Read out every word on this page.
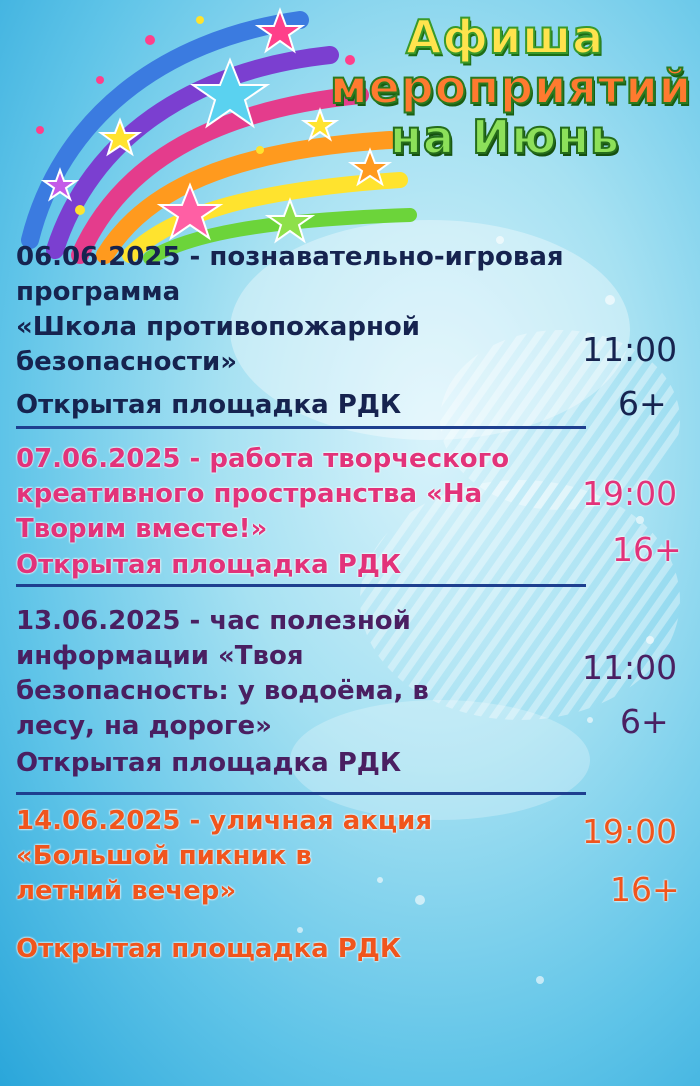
Афиша
мероприятий
на Июнь
06.06.2025 - познавательно-игровая
программа
«Школа противопожарной
безопасности»	11:00
6+
Открытая площадка РДК
07.06.2025 - работа творческого
креативного пространства «На
Творим вместе!»
19:00
16+
Открытая площадка РДК
13.06.2025 - час полезной
информации «Твоя
безопасность: у водоёма, в
лесу, на дороге»
11:00
6+
Открытая площадка РДК
14.06.2025 - уличная акция
«Большой пикник в
летний вечер»
19:00
16+
Открытая площадка РДК
